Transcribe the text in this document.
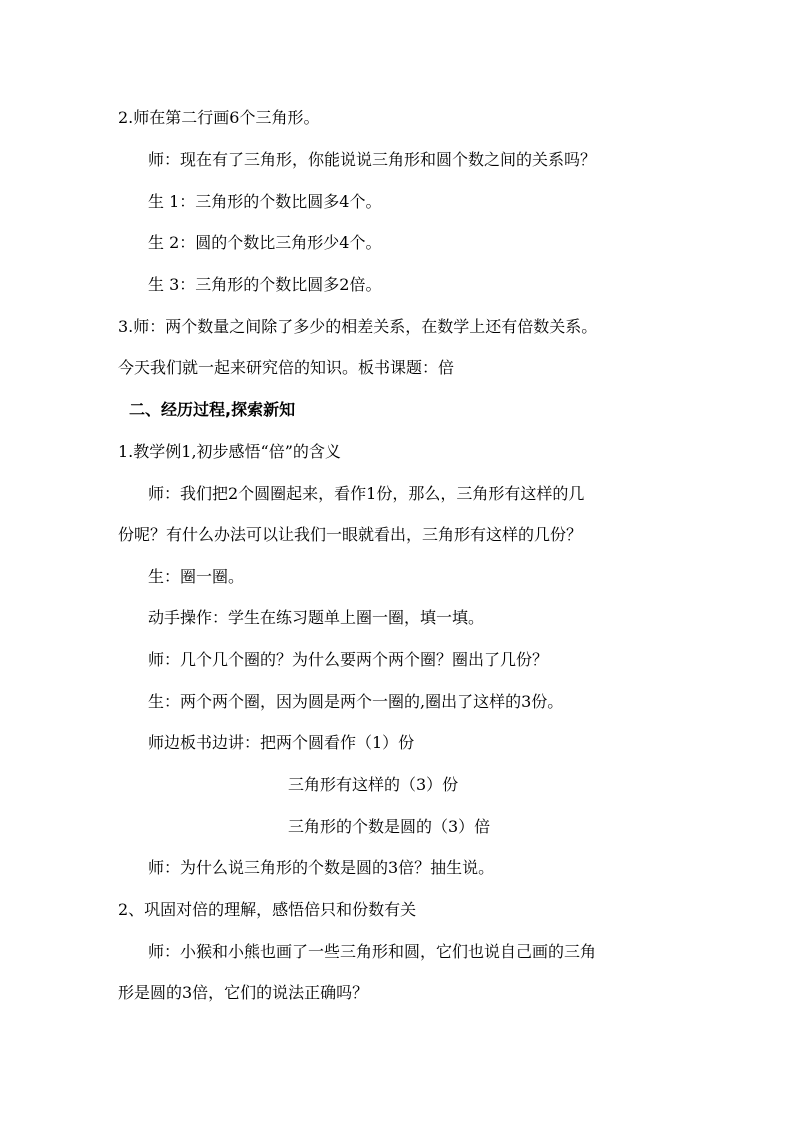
2.师在第二行画6个三角形。
师：现在有了三角形，你能说说三角形和圆个数之间的关系吗？
生 1：三角形的个数比圆多4个。
生 2：圆的个数比三角形少4个。
生 3：三角形的个数比圆多2倍。
3.师：两个数量之间除了多少的相差关系，在数学上还有倍数关系。
今天我们就一起来研究倍的知识。板书课题：倍
二、经历过程,探索新知
1.教学例1,初步感悟“倍”的含义
师：我们把2个圆圈起来，看作1份，那么，三角形有这样的几
份呢？有什么办法可以让我们一眼就看出，三角形有这样的几份？
生：圈一圈。
动手操作：学生在练习题单上圈一圈，填一填。
师：几个几个圈的？为什么要两个两个圈？圈出了几份？
生：两个两个圈，因为圆是两个一圈的,圈出了这样的3份。
师边板书边讲：把两个圆看作（1）份
三角形有这样的（3）份
三角形的个数是圆的（3）倍
师：为什么说三角形的个数是圆的3倍？抽生说。
2、巩固对倍的理解，感悟倍只和份数有关
师：小猴和小熊也画了一些三角形和圆，它们也说自己画的三角
形是圆的3倍，它们的说法正确吗？
